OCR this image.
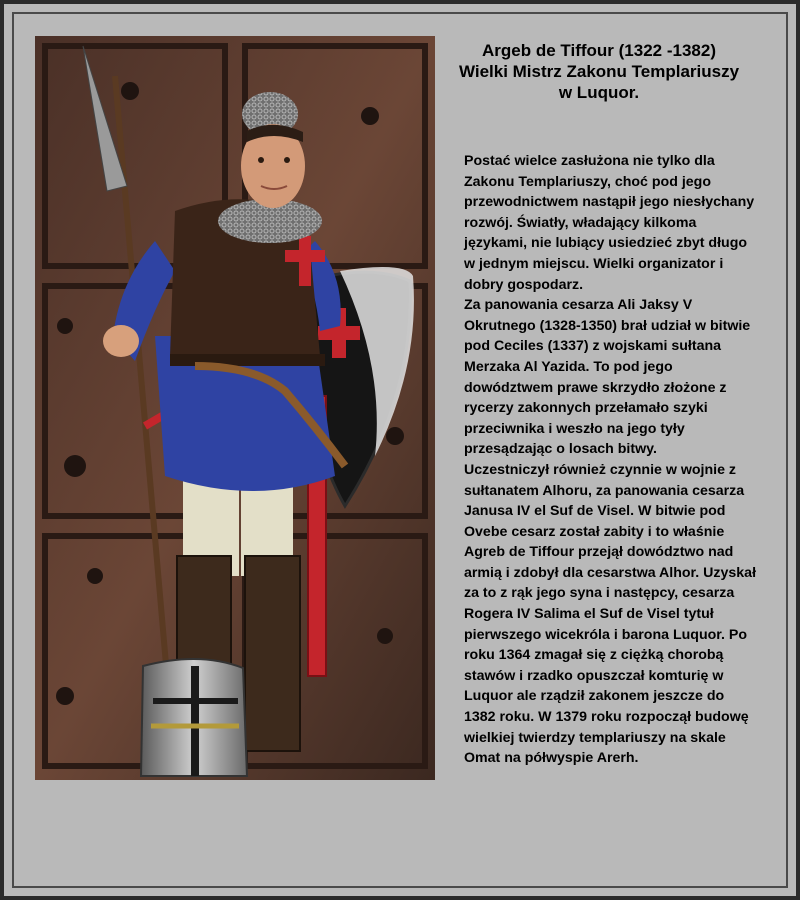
Argeb de Tiffour (1322 -1382)
Wielki Mistrz Zakonu Templariuszy
w Luquor.

Postać wielce zasłużona nie tylko dla

Zakonu Templariuszy, choć pod jego

przewodnictwem nastąpił jego niesłychany

rozwój. Światły, władający kilkoma

językami, nie lubiący usiedzieć zbyt długo

w jednym miejscu. Wielki organizator i

dobry gospodarz.

Za panowania cesarza Ali Jaksy V

Okrutnego (1328-1350) brał udział w bitwie

pod Ceciles (1337) z wojskami sułtana

Merzaka Al Yazida. To pod jego

dowództwem prawe skrzydło złożone z

rycerzy zakonnych przełamało szyki

przeciwnika i weszło na jego tyły

przesądzając o losach bitwy.

Uczestniczył również czynnie w wojnie z

sułtanatem Alhoru, za panowania cesarza

Janusa IV el Suf de Visel. W bitwie pod

Ovebe cesarz został zabity i to właśnie

Agreb de Tiffour przejął dowództwo nad

armią i zdobył dla cesarstwa Alhor. Uzyskał

za to z rąk jego syna i następcy, cesarza

Rogera IV Salima el Suf de Visel tytuł

pierwszego wicekróla i barona Luquor. Po

roku 1364 zmagał się z ciężką chorobą

stawów i rzadko opuszczał komturię w

Luquor ale rządził zakonem jeszcze do

1382 roku. W 1379 roku rozpoczął budowę

wielkiej twierdzy templariuszy na skale

Omat na półwyspie Arerh.
